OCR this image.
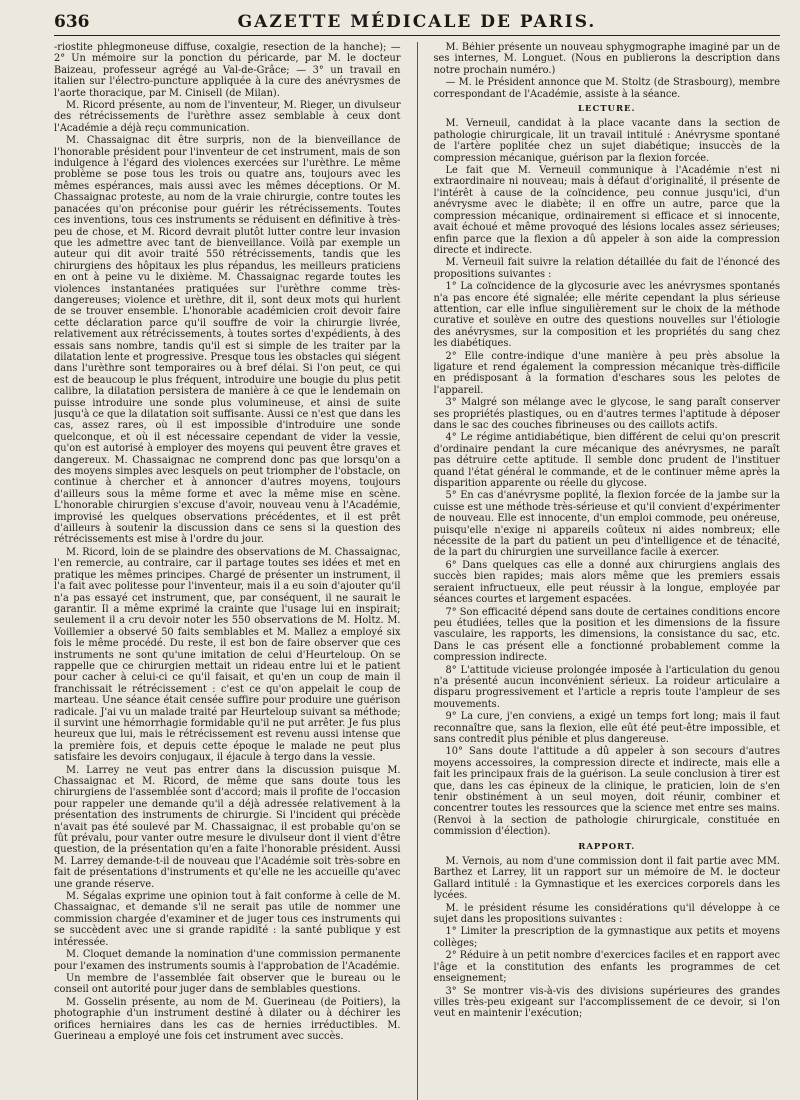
636	GAZETTE MÉDICALE DE PARIS.

-riostite phlegmoneuse diffuse, coxalgie, resection de la hanche); — 2° Un mémoire sur la ponction du péricarde, par M. le docteur Baizeau, professeur agrégé au Val-de-Grâce; — 3° un travail en italien sur l'électro-puncture appliquée à la cure des anévrysmes de l'aorte thoracique, par M. Cinisell (de Milan).

M. Ricord présente, au nom de l'inventeur, M. Rieger, un divulseur des rétrécissements de l'urèthre assez semblable à ceux dont l'Académie a déjà reçu communication.

M. Chassaignac dit être surpris, non de la bienveillance de l'honorable président pour l'inventeur de cet instrument, mais de son indulgence à l'égard des violences exercées sur l'urèthre. Le même problème se pose tous les trois ou quatre ans, toujours avec les mêmes espérances, mais aussi avec les mêmes déceptions. Or M. Chassaignac proteste, au nom de la vraie chirurgie, contre toutes les panacées qu'on préconise pour guérir les rétrécissements. Toutes ces inventions, tous ces instruments se réduisent en définitive à très-peu de chose, et M. Ricord devrait plutôt lutter contre leur invasion que les admettre avec tant de bienveillance. Voilà par exemple un auteur qui dit avoir traité 550 rétrécissements, tandis que les chirurgiens des hôpitaux les plus répandus, les meilleurs praticiens en ont à peine vu le dixième. M. Chassaignac regarde toutes les violences instantanées pratiquées sur l'urèthre comme très-dangereuses; violence et urèthre, dit il, sont deux mots qui hurlent de se trouver ensemble. L'honorable académicien croit devoir faire cette déclaration parce qu'il souffre de voir la chirurgie livrée, relativement aux rétrécissements, à toutes sortes d'expédients, à des essais sans nombre, tandis qu'il est si simple de les traiter par la dilatation lente et progressive. Presque tous les obstacles qui siégent dans l'urèthre sont temporaires ou à bref délai. Si l'on peut, ce qui est de beaucoup le plus fréquent, introduire une bougie du plus petit calibre, la dilatation persistera de manière à ce que le lendemain on puisse introduire une sonde plus volumineuse, et ainsi de suite jusqu'à ce que la dilatation soit suffisante. Aussi ce n'est que dans les cas, assez rares, où il est impossible d'introduire une sonde quelconque, et où il est nécessaire cependant de vider la vessie, qu'on est autorisé à employer des moyens qui peuvent être graves et dangereux. M. Chassaignac ne comprend donc pas que lorsqu'on a des moyens simples avec lesquels on peut triompher de l'obstacle, on continue à chercher et à annoncer d'autres moyens, toujours d'ailleurs sous la même forme et avec la même mise en scène. L'honorable chirurgien s'excuse d'avoir, nouveau venu à l'Académie, improvisé les quelques observations précédentes, et il est prêt d'ailleurs à soutenir la discussion dans ce sens si la question des rétrécissements est mise à l'ordre du jour.

M. Ricord, loin de se plaindre des observations de M. Chassaignac, l'en remercie, au contraire, car il partage toutes ses idées et met en pratique les mêmes principes. Chargé de présenter un instrument, il l'a fait avec politesse pour l'inventeur, mais il a eu soin d'ajouter qu'il n'a pas essayé cet instrument, que, par conséquent, il ne saurait le garantir. Il a même exprimé la crainte que l'usage lui en inspirait; seulement il a cru devoir noter les 550 observations de M. Holtz. M. Voillemier a observé 50 faits semblables et M. Mallez a employé six fois le même procédé. Du reste, il est bon de faire observer que ces instruments ne sont qu'une imitation de celui d'Heurteloup. On se rappelle que ce chirurgien mettait un rideau entre lui et le patient pour cacher à celui-ci ce qu'il faisait, et qu'en un coup de main il franchissait le rétrécissement : c'est ce qu'on appelait le coup de marteau. Une séance était censée suffire pour produire une guérison radicale. J'ai vu un malade traité par Heurteloup suivant sa méthode; il survint une hémorrhagie formidable qu'il ne put arrêter. Je fus plus heureux que lui, mais le rétrécissement est revenu aussi intense que la première fois, et depuis cette époque le malade ne peut plus satisfaire les devoirs conjugaux, il éjacule à tergo dans la vessie.

M. Larrey ne veut pas entrer dans la discussion puisque M. Chassaignac et M. Ricord, de même que sans doute tous les chirurgiens de l'assemblée sont d'accord; mais il profite de l'occasion pour rappeler une demande qu'il a déjà adressée relativement à la présentation des instruments de chirurgie. Si l'incident qui précède n'avait pas été soulevé par M. Chassaignac, il est probable qu'on se fût prévalu, pour vanter outre mesure le divulseur dont il vient d'être question, de la présentation qu'en a faite l'honorable président. Aussi M. Larrey demande-t-il de nouveau que l'Académie soit très-sobre en fait de présentations d'instruments et qu'elle ne les accueille qu'avec une grande réserve.

M. Ségalas exprime une opinion tout à fait conforme à celle de M. Chassaignac, et demande s'il ne serait pas utile de nommer une commission chargée d'examiner et de juger tous ces instruments qui se succèdent avec une si grande rapidité : la santé publique y est intéressée.

M. Cloquet demande la nomination d'une commission permanente pour l'examen des instruments soumis à l'approbation de l'Académie.

Un membre de l'assemblée fait observer que le bureau ou le conseil ont autorité pour juger dans de semblables questions.

M. Gosselin présente, au nom de M. Guerineau (de Poitiers), la photographie d'un instrument destiné à dilater ou à déchirer les orifices herniaires dans les cas de hernies irréductibles. M. Guerineau a employé une fois cet instrument avec succès.

M. Béhier présente un nouveau sphygmographe imaginé par un de ses internes, M. Longuet. (Nous en publierons la description dans notre prochain numéro.)

— M. le Président annonce que M. Stoltz (de Strasbourg), membre correspondant de l'Académie, assiste à la séance.

LECTURE.

M. Verneuil, candidat à la place vacante dans la section de pathologie chirurgicale, lit un travail intitulé : Anévrysme spontané de l'artère poplitée chez un sujet diabétique; insuccès de la compression mécanique, guérison par la flexion forcée.

Le fait que M. Verneuil communique à l'Académie n'est ni extraordinaire ni nouveau; mais à défaut d'originalité, il présente de l'intérêt à cause de la coïncidence, peu connue jusqu'ici, d'un anévrysme avec le diabète; il en offre un autre, parce que la compression mécanique, ordinairement si efficace et si innocente, avait échoué et même provoqué des lésions locales assez sérieuses; enfin parce que la flexion a dû appeler à son aide la compression directe et indirecte.

M. Verneuil fait suivre la relation détaillée du fait de l'énoncé des propositions suivantes :

1° La coïncidence de la glycosurie avec les anévrysmes spontanés n'a pas encore été signalée; elle mérite cependant la plus sérieuse attention, car elle influe singulièrement sur le choix de la méthode curative et soulève en outre des questions nouvelles sur l'étiologie des anévrysmes, sur la composition et les propriétés du sang chez les diabétiques.

2° Elle contre-indique d'une manière à peu près absolue la ligature et rend également la compression mécanique très-difficile en prédisposant à la formation d'eschares sous les pelotes de l'appareil.

3° Malgré son mélange avec le glycose, le sang paraît conserver ses propriétés plastiques, ou en d'autres termes l'aptitude à déposer dans le sac des couches fibrineuses ou des caillots actifs.

4° Le régime antidiabétique, bien différent de celui qu'on prescrit d'ordinaire pendant la cure mécanique des anévrysmes, ne paraît pas détruire cette aptitude. Il semble donc prudent de l'instituer quand l'état général le commande, et de le continuer même après la disparition apparente ou réelle du glycose.

5° En cas d'anévrysme poplité, la flexion forcée de la jambe sur la cuisse est une méthode très-sérieuse et qu'il convient d'expérimenter de nouveau. Elle est innocente, d'un emploi commode, peu onéreuse, puisqu'elle n'exige ni appareils coûteux ni aides nombreux; elle nécessite de la part du patient un peu d'intelligence et de ténacité, de la part du chirurgien une surveillance facile à exercer.

6° Dans quelques cas elle a donné aux chirurgiens anglais des succès bien rapides; mais alors même que les premiers essais seraient infructueux, elle peut réussir à la longue, employée par séances courtes et largement espacées.

7° Son efficacité dépend sans doute de certaines conditions encore peu étudiées, telles que la position et les dimensions de la fissure vasculaire, les rapports, les dimensions, la consistance du sac, etc. Dans le cas présent elle a fonctionné probablement comme la compression indirecte.

8° L'attitude vicieuse prolongée imposée à l'articulation du genou n'a présenté aucun inconvénient sérieux. La roideur articulaire a disparu progressivement et l'article a repris toute l'ampleur de ses mouvements.

9° La cure, j'en conviens, a exigé un temps fort long; mais il faut reconnaître que, sans la flexion, elle eût été peut-être impossible, et sans contredit plus pénible et plus dangereuse.

10° Sans doute l'attitude a dû appeler à son secours d'autres moyens accessoires, la compression directe et indirecte, mais elle a fait les principaux frais de la guérison. La seule conclusion à tirer est que, dans les cas épineux de la clinique, le praticien, loin de s'en tenir obstinément à un seul moyen, doit réunir, combiner et concentrer toutes les ressources que la science met entre ses mains. (Renvoi à la section de pathologie chirurgicale, constituée en commission d'élection).

RAPPORT.

M. Vernois, au nom d'une commission dont il fait partie avec MM. Barthez et Larrey, lit un rapport sur un mémoire de M. le docteur Gallard intitulé : la Gymnastique et les exercices corporels dans les lycées.

M. le président résume les considérations qu'il développe à ce sujet dans les propositions suivantes :

1° Limiter la prescription de la gymnastique aux petits et moyens collèges;

2° Réduire à un petit nombre d'exercices faciles et en rapport avec l'âge et la constitution des enfants les programmes de cet enseignement;

3° Se montrer vis-à-vis des divisions supérieures des grandes villes très-peu exigeant sur l'accomplissement de ce devoir, si l'on veut en maintenir l'exécution;
